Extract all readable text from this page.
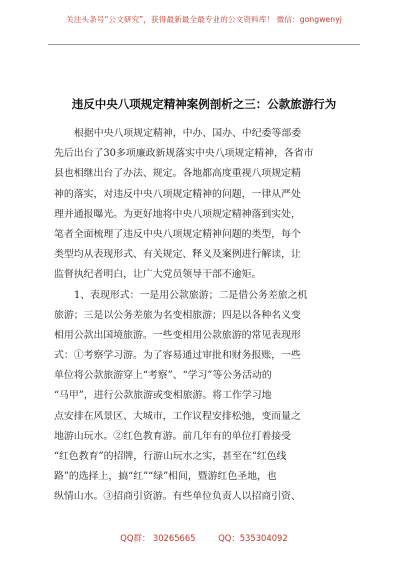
关注头条号“公文研究”，获得最新最全最专业的公文资料库！ 微信：gongwenyj
违反中央八项规定精神案例剖析之三：公款旅游行为
根据中央八项规定精神，中办、国办、中纪委等部委
先后出台了30多项廉政新规落实中央八项规定精神，各省市
县也相继出台了办法、规定。各地都高度重视八项规定精
神的落实，对违反中央八项规定精神的问题，一律从严处
理并通报曝光。为更好地将中央八项规定精神落到实处，
笔者全面梳理了违反中央八项规定精神问题的类型，每个
类型均从表现形式、有关规定、释义及案例进行解读，让
监督执纪者明白，让广大党员领导干部不逾矩。
1、表现形式：一是用公款旅游；二是借公务差旅之机
旅游；三是以公务差旅为名变相旅游；四是以各种名义变
相用公款出国境旅游。一些变相用公款旅游的常见表现形
式：①考察学习游。为了容易通过审批和财务报账，一些
单位将公款旅游穿上“考察”、“学习”等公务活动的
“马甲”，进行公款旅游或变相旅游。将工作学习地
点安排在风景区、大城市，工作议程安排松弛，变而量之
地游山玩水。②红色教育游。前几年有的单位打着接受
“红色教育”的招牌，行游山玩水之实，甚至在“红色线
路”的选择上，搞“红”“绿”相间，暨游红色圣地，也
纵情山水。③招商引资游。有些单位负责人以招商引资、
QQ群： 30265665	QQ：535304092
